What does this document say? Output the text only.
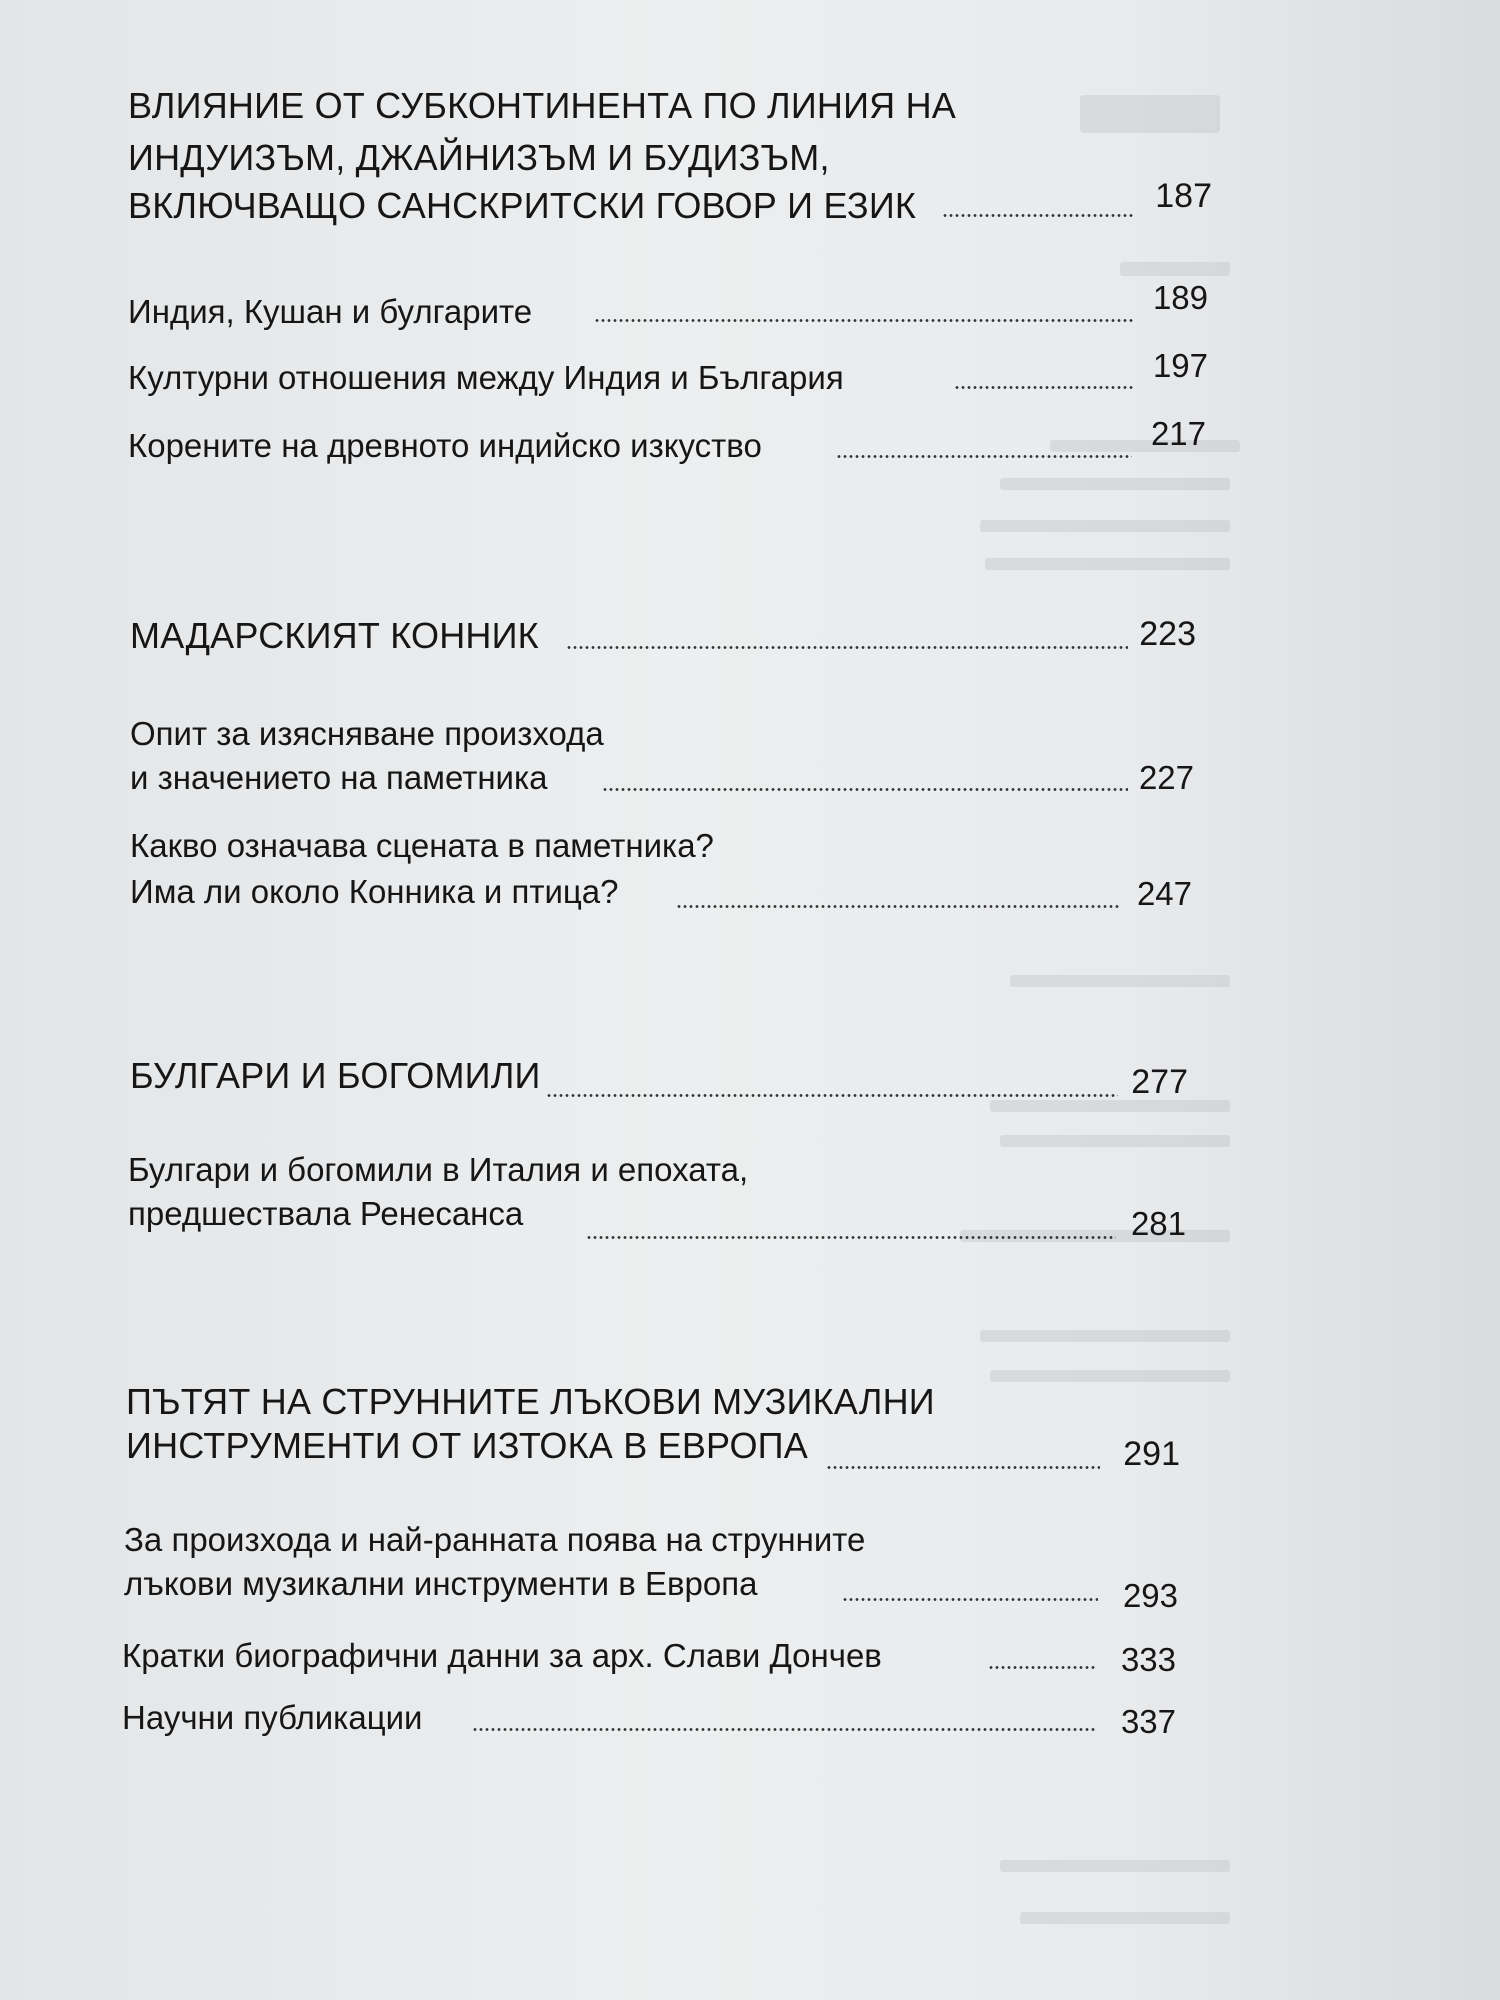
ВЛИЯНИЕ ОТ СУБКОНТИНЕНТА ПО ЛИНИЯ НА
ИНДУИЗЪМ, ДЖАЙНИЗЪМ И БУДИЗЪМ,
ВКЛЮЧВАЩО САНСКРИТСКИ ГОВОР И ЕЗИК	187
Индия, Кушан и булгарите	189
Културни отношения между Индия и България	197
Корените на древното индийско изкуство	217
МАДАРСКИЯТ КОННИК	223
Опит за изясняване произхода
и значението на паметника	227
Какво означава сцената в паметника?
Има ли около Конника и птица?	247
БУЛГАРИ И БОГОМИЛИ	277
Булгари и богомили в Италия и епохата,
предшествала Ренесанса	281
ПЪТЯТ НА СТРУННИТЕ ЛЪКОВИ МУЗИКАЛНИ
ИНСТРУМЕНТИ ОТ ИЗТОКА В ЕВРОПА	291
За произхода и най-ранната поява на струнните
лъкови музикални инструменти в Европа	293
Кратки биографични данни за арх. Слави Дончев	333
Научни публикации	337
